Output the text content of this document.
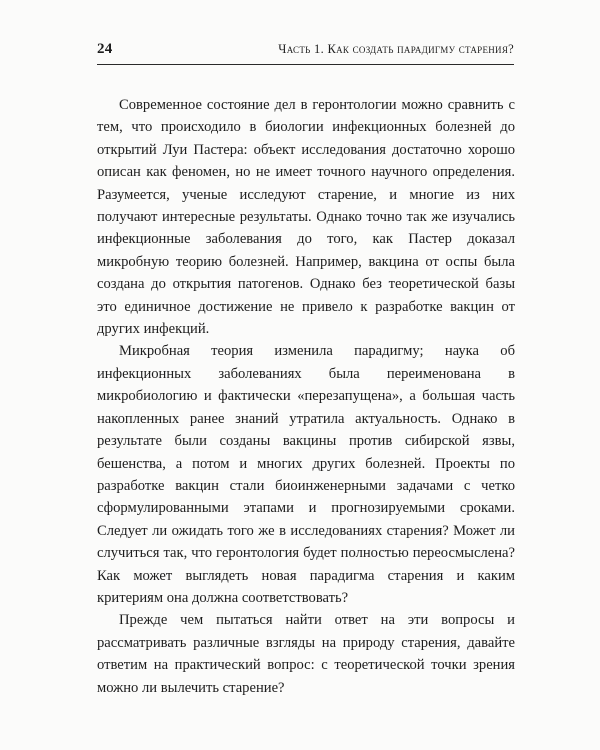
24	Часть 1. Как создать парадигму старения?

Современное состояние дел в геронтологии можно сравнить с тем, что происходило в биологии инфекционных болезней до открытий Луи Пастера: объект исследования достаточно хорошо описан как феномен, но не имеет точного научного определения. Разумеется, ученые исследуют старение, и многие из них получают интересные результаты. Однако точно так же изучались инфекционные заболевания до того, как Пастер доказал микробную теорию болезней. Например, вакцина от оспы была создана до открытия патогенов. Однако без теоретической базы это единичное достижение не привело к разработке вакцин от других инфекций.

Микробная теория изменила парадигму; наука об инфекционных заболеваниях была переименована в микробиологию и фактически «перезапущена», а большая часть накопленных ранее знаний утратила актуальность. Однако в результате были созданы вакцины против сибирской язвы, бешенства, а потом и многих других болезней. Проекты по разработке вакцин стали биоинженерными задачами с четко сформулированными этапами и прогнозируемыми сроками. Следует ли ожидать того же в исследованиях старения? Может ли случиться так, что геронтология будет полностью переосмыслена? Как может выглядеть новая парадигма старения и каким критериям она должна соответствовать?

Прежде чем пытаться найти ответ на эти вопросы и рассматривать различные взгляды на природу старения, давайте ответим на практический вопрос: с теоретической точки зрения можно ли вылечить старение?
